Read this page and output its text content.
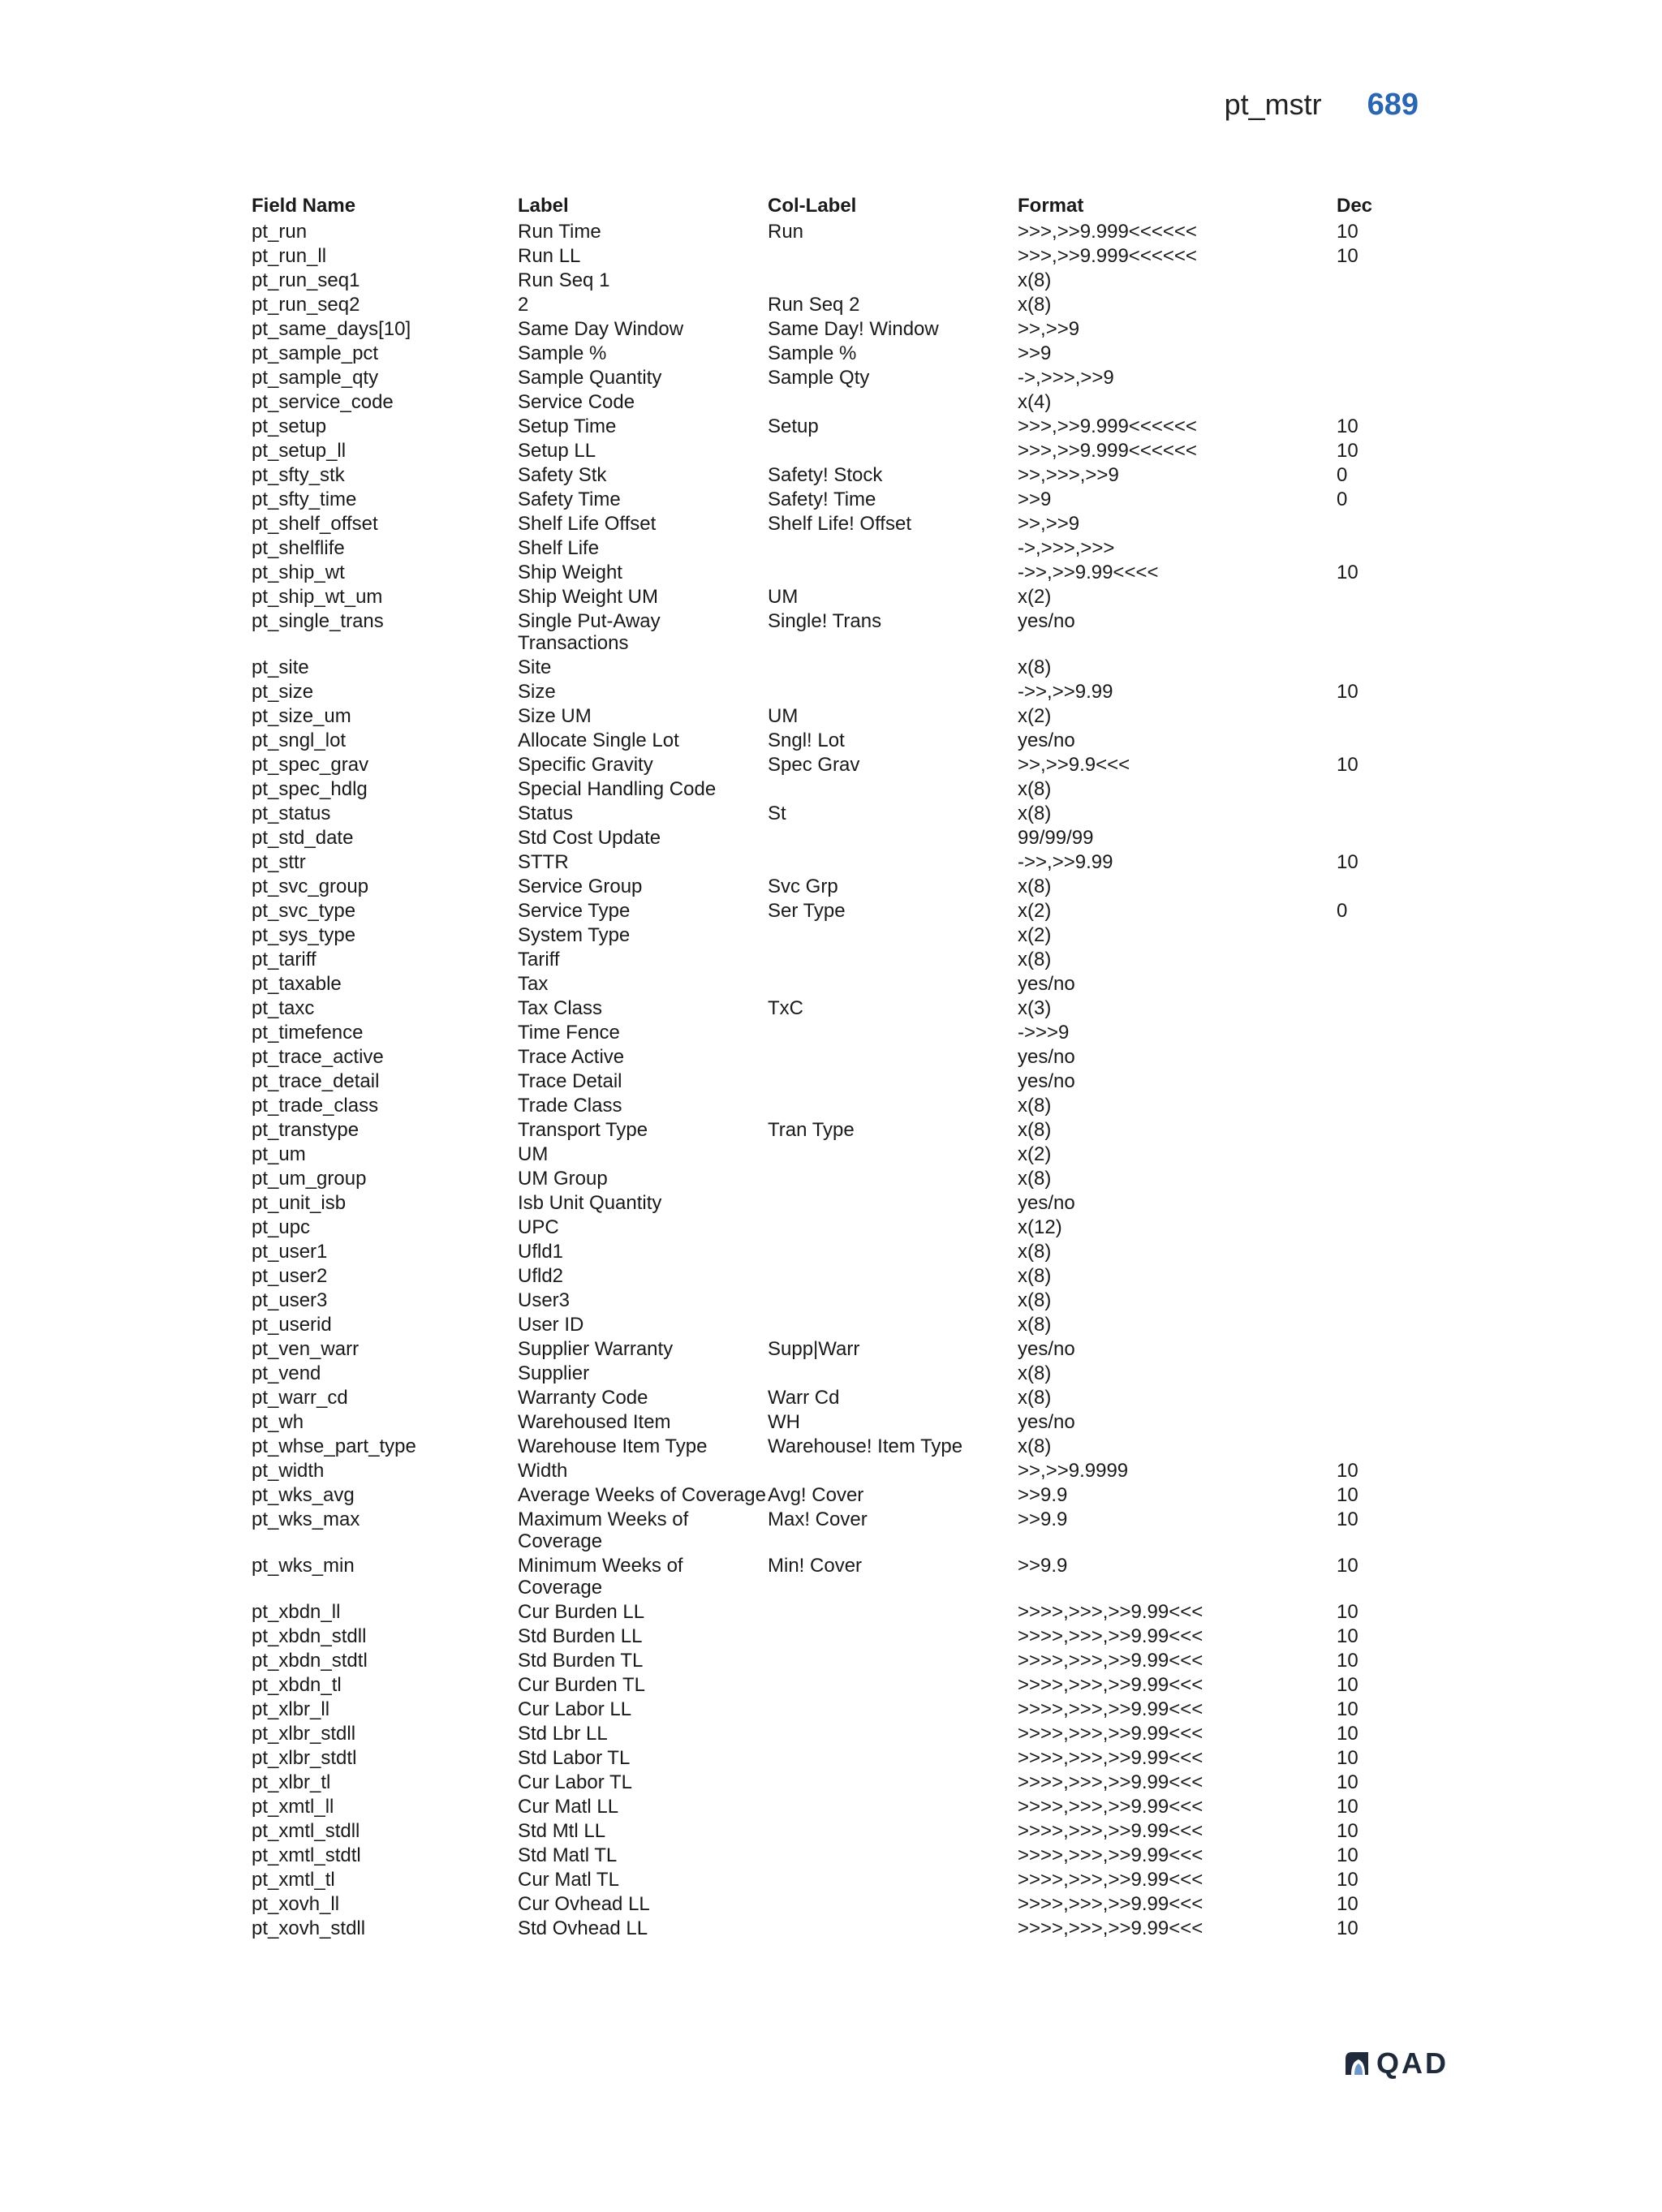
pt_mstr 689
Field Name	Label	Col-Label	Format	Dec
pt_run	Run Time	Run	>>>,>>9.999<<<<<<	10
pt_run_ll	Run LL		>>>,>>9.999<<<<<<	10
pt_run_seq1	Run Seq 1		x(8)	
pt_run_seq2	2	Run Seq 2	x(8)	
pt_same_days[10]	Same Day Window	Same Day! Window	>>,>>9	
pt_sample_pct	Sample %	Sample %	>>9	
pt_sample_qty	Sample Quantity	Sample Qty	->,>>>,>>9	
pt_service_code	Service Code		x(4)	
pt_setup	Setup Time	Setup	>>>,>>9.999<<<<<<	10
pt_setup_ll	Setup LL		>>>,>>9.999<<<<<<	10
pt_sfty_stk	Safety Stk	Safety! Stock	>>,>>>,>>9	0
pt_sfty_time	Safety Time	Safety! Time	>>9	0
pt_shelf_offset	Shelf Life Offset	Shelf Life! Offset	>>,>>9	
pt_shelflife	Shelf Life		->,>>>,>>>	
pt_ship_wt	Ship Weight		->>,>>9.99<<<<	10
pt_ship_wt_um	Ship Weight UM	UM	x(2)	
pt_single_trans	Single Put-Away Transactions	Single! Trans	yes/no	
pt_site	Site		x(8)	
pt_size	Size		->>,>>9.99	10
pt_size_um	Size UM	UM	x(2)	
pt_sngl_lot	Allocate Single Lot	Sngl! Lot	yes/no	
pt_spec_grav	Specific Gravity	Spec Grav	>>,>>9.9<<<	10
pt_spec_hdlg	Special Handling Code		x(8)	
pt_status	Status	St	x(8)	
pt_std_date	Std Cost Update		99/99/99	
pt_sttr	STTR		->>,>>9.99	10
pt_svc_group	Service Group	Svc Grp	x(8)	
pt_svc_type	Service Type	Ser Type	x(2)	0
pt_sys_type	System Type		x(2)	
pt_tariff	Tariff		x(8)	
pt_taxable	Tax		yes/no	
pt_taxc	Tax Class	TxC	x(3)	
pt_timefence	Time Fence		->>>9	
pt_trace_active	Trace Active		yes/no	
pt_trace_detail	Trace Detail		yes/no	
pt_trade_class	Trade Class		x(8)	
pt_transtype	Transport Type	Tran Type	x(8)	
pt_um	UM		x(2)	
pt_um_group	UM Group		x(8)	
pt_unit_isb	Isb Unit Quantity		yes/no	
pt_upc	UPC		x(12)	
pt_user1	Ufld1		x(8)	
pt_user2	Ufld2		x(8)	
pt_user3	User3		x(8)	
pt_userid	User ID		x(8)	
pt_ven_warr	Supplier Warranty	Supp|Warr	yes/no	
pt_vend	Supplier		x(8)	
pt_warr_cd	Warranty Code	Warr Cd	x(8)	
pt_wh	Warehoused Item	WH	yes/no	
pt_whse_part_type	Warehouse Item Type	Warehouse! Item Type	x(8)	
pt_width	Width		>>,>>9.9999	10
pt_wks_avg	Average Weeks of Coverage	Avg! Cover	>>9.9	10
pt_wks_max	Maximum Weeks of Coverage	Max! Cover	>>9.9	10
pt_wks_min	Minimum Weeks of Coverage	Min! Cover	>>9.9	10
pt_xbdn_ll	Cur Burden LL		>>>>,>>>,>>9.99<<<	10
pt_xbdn_stdll	Std Burden LL		>>>>,>>>,>>9.99<<<	10
pt_xbdn_stdtl	Std Burden TL		>>>>,>>>,>>9.99<<<	10
pt_xbdn_tl	Cur Burden TL		>>>>,>>>,>>9.99<<<	10
pt_xlbr_ll	Cur Labor LL		>>>>,>>>,>>9.99<<<	10
pt_xlbr_stdll	Std Lbr LL		>>>>,>>>,>>9.99<<<	10
pt_xlbr_stdtl	Std Labor TL		>>>>,>>>,>>9.99<<<	10
pt_xlbr_tl	Cur Labor TL		>>>>,>>>,>>9.99<<<	10
pt_xmtl_ll	Cur Matl LL		>>>>,>>>,>>9.99<<<	10
pt_xmtl_stdll	Std Mtl LL		>>>>,>>>,>>9.99<<<	10
pt_xmtl_stdtl	Std Matl TL		>>>>,>>>,>>9.99<<<	10
pt_xmtl_tl	Cur Matl TL		>>>>,>>>,>>9.99<<<	10
pt_xovh_ll	Cur Ovhead LL		>>>>,>>>,>>9.99<<<	10
pt_xovh_stdll	Std Ovhead LL		>>>>,>>>,>>9.99<<<	10
QAD
